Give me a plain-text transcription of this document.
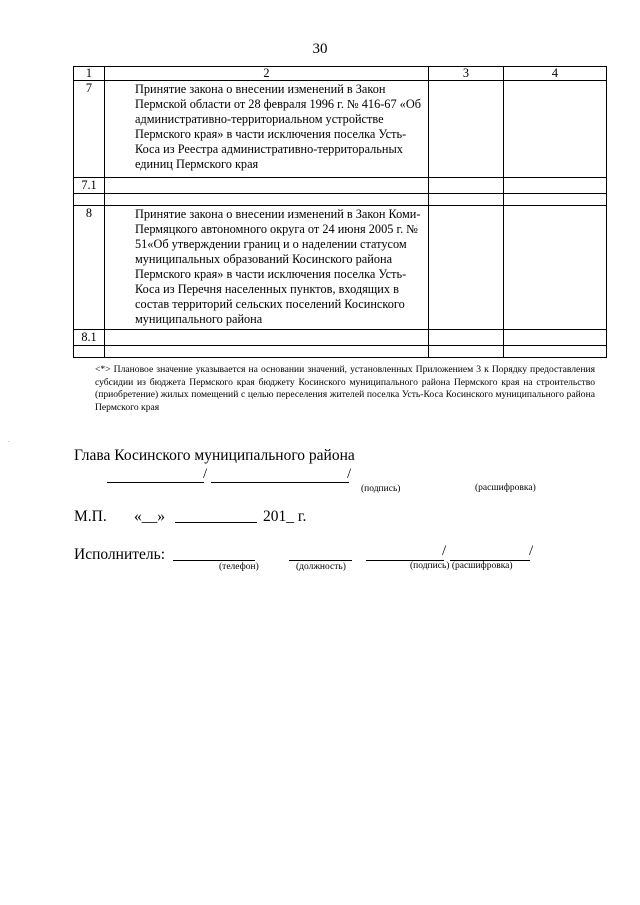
30
1	2	3	4
7	Принятие закона о внесении изменений в Закон Пермской области от 28 февраля 1996 г. № 416-67 «Об административно-территориальном устройстве Пермского края» в части исключения поселка Усть-Коса из Реестра административно-территоральных единиц Пермского края		
7.1			

8	Принятие закона о внесении изменений в Закон Коми-Пермяцкого автономного округа от 24 июня 2005 г. № 51«Об утверждении границ и о наделении статусом муниципальных образований Косинского района Пермского края» в части исключения поселка Усть-Коса из Перечня населенных пунктов, входящих в состав территорий сельских поселений Косинского муниципального района		
8.1			

<*> Плановое значение указывается на основании значений, установленных Приложением 3 к Порядку предоставления субсидии из бюджета Пермского края бюджету Косинского муниципального района Пермского края на строительство (приобретение) жилых помещений с целью переселения жителей поселка Усть-Коса Косинского муниципального района Пермского края

.
Глава Косинского муниципального района
/	/
(подпись)	(расшифровка)
М.П. «__»	201_ г.
Исполнитель:	/	/
(телефон)	(должность)	(подпись) (расшифровка)
